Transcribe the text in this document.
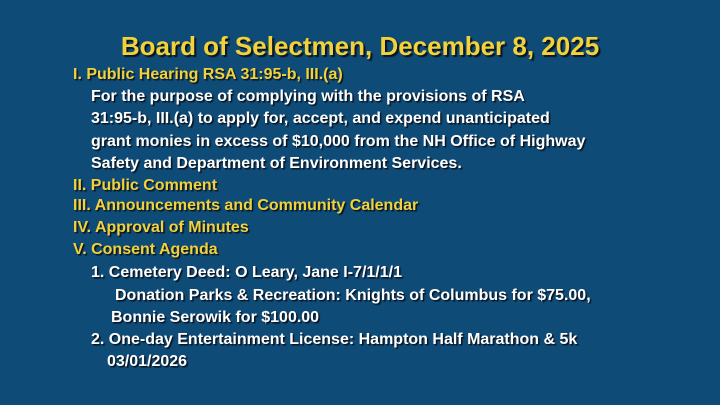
Board of Selectmen, December 8, 2025
I. Public Hearing RSA 31:95-b, III.(a)
For the purpose of complying with the provisions of RSA
31:95-b, III.(a) to apply for, accept, and expend unanticipated
grant monies in excess of $10,000 from the NH Office of Highway
Safety and Department of Environment Services.
II. Public Comment
III. Announcements and Community Calendar
IV. Approval of Minutes
V. Consent Agenda
1. Cemetery Deed: O Leary, Jane I-7/1/1/1
Donation Parks & Recreation: Knights of Columbus for $75.00,
Bonnie Serowik for $100.00
2. One-day Entertainment License: Hampton Half Marathon & 5k
03/01/2026
